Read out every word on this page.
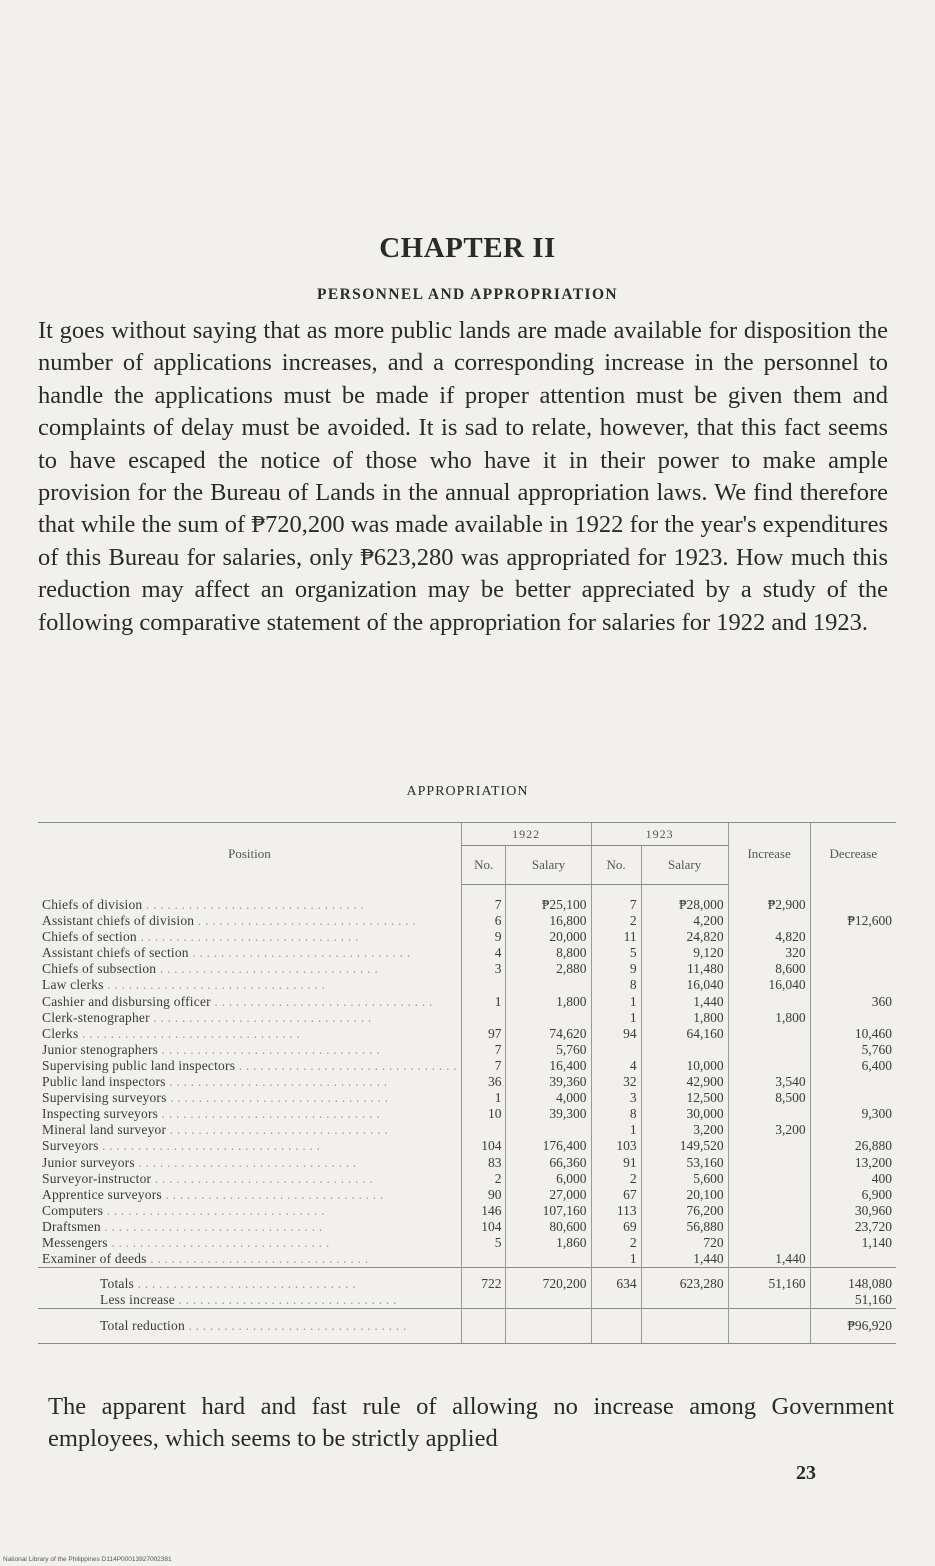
CHAPTER II
PERSONNEL AND APPROPRIATION
It goes without saying that as more public lands are made available for disposition the number of applications increases, and a corresponding increase in the personnel to handle the applications must be made if proper attention must be given them and complaints of delay must be avoided. It is sad to relate, however, that this fact seems to have escaped the notice of those who have it in their power to make ample provision for the Bureau of Lands in the annual appropriation laws. We find therefore that while the sum of ₱720,200 was made available in 1922 for the year's expenditures of this Bureau for salaries, only ₱623,280 was appropriated for 1923. How much this reduction may affect an organization may be better appreciated by a study of the following comparative statement of the appropriation for salaries for 1922 and 1923.
APPROPRIATION
Position	1922		1923		Increase	Decrease
	No.	Salary	No.	Salary		
Chiefs of division . . .	7	₱25,100	7	₱28,000	₱2,900	
Assistant chiefs of division . . .	6	16,800	2	4,200		₱12,600
Chiefs of section . . .	9	20,000	11	24,820	4,820	
Assistant chiefs of section . . .	4	8,800	5	9,120	320	
Chiefs of subsection . . .	3	2,880	9	11,480	8,600	
Law clerks . . .			8	16,040	16,040	
Cashier and disbursing officer . . .	1	1,800	1	1,440		360
Clerk-stenographer . . .			1	1,800	1,800	
Clerks . . .	97	74,620	94	64,160		10,460
Junior stenographers . . .	7	5,760				5,760
Supervising public land inspectors . . .	7	16,400	4	10,000		6,400
Public land inspectors . . .	36	39,360	32	42,900	3,540	
Supervising surveyors . . .	1	4,000	3	12,500	8,500	
Inspecting surveyors . . .	10	39,300	8	30,000		9,300
Mineral land surveyor . . .			1	3,200	3,200	
Surveyors . . .	104	176,400	103	149,520		26,880
Junior surveyors . . .	83	66,360	91	53,160		13,200
Surveyor-instructor . . .	2	6,000	2	5,600		400
Apprentice surveyors . . .	90	27,000	67	20,100		6,900
Computers . . .	146	107,160	113	76,200		30,960
Draftsmen . . .	104	80,600	69	56,880		23,720
Messengers . . .	5	1,860	2	720		1,140
Examiner of deeds . . .			1	1,440	1,440	
Totals . . .	722	720,200	634	623,280	51,160	148,080
Less increase . . .						51,160
Total reduction . . .						₱96,920
The apparent hard and fast rule of allowing no increase among Government employees, which seems to be strictly applied
23
National Library of the Philippines D114P00013927002381
